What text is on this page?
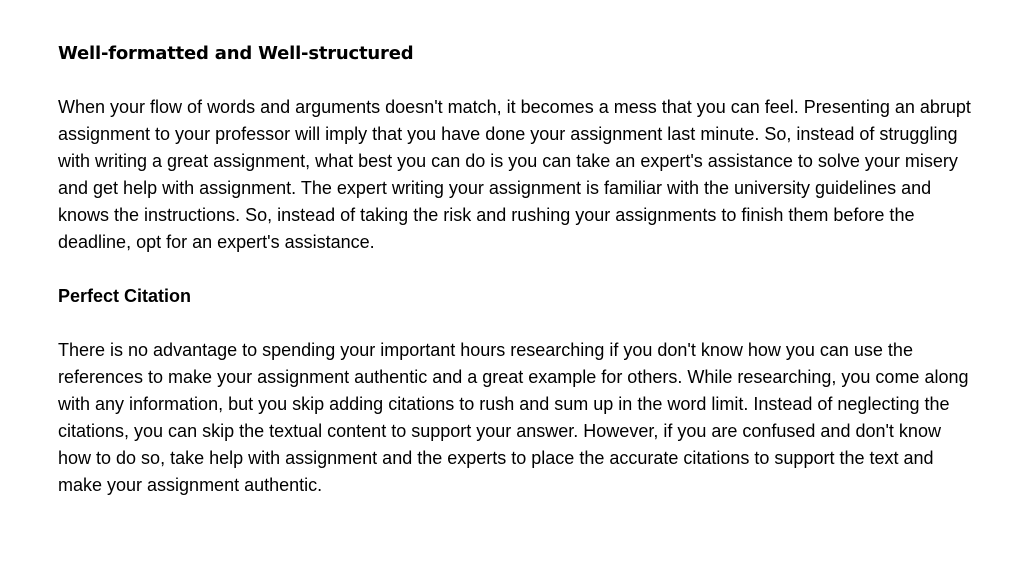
Well-formatted and Well-structured

When your flow of words and arguments doesn't match, it becomes a mess that you can feel. Presenting an abrupt assignment to your professor will imply that you have done your assignment last minute. So, instead of struggling with writing a great assignment, what best you can do is you can take an expert's assistance to solve your misery and get help with assignment. The expert writing your assignment is familiar with the university guidelines and knows the instructions. So, instead of taking the risk and rushing your assignments to finish them before the deadline, opt for an expert's assistance.

Perfect Citation

There is no advantage to spending your important hours researching if you don't know how you can use the references to make your assignment authentic and a great example for others. While researching, you come along with any information, but you skip adding citations to rush and sum up in the word limit. Instead of neglecting the citations, you can skip the textual content to support your answer. However, if you are confused and don't know how to do so, take help with assignment and the experts to place the accurate citations to support the text and make your assignment authentic.
